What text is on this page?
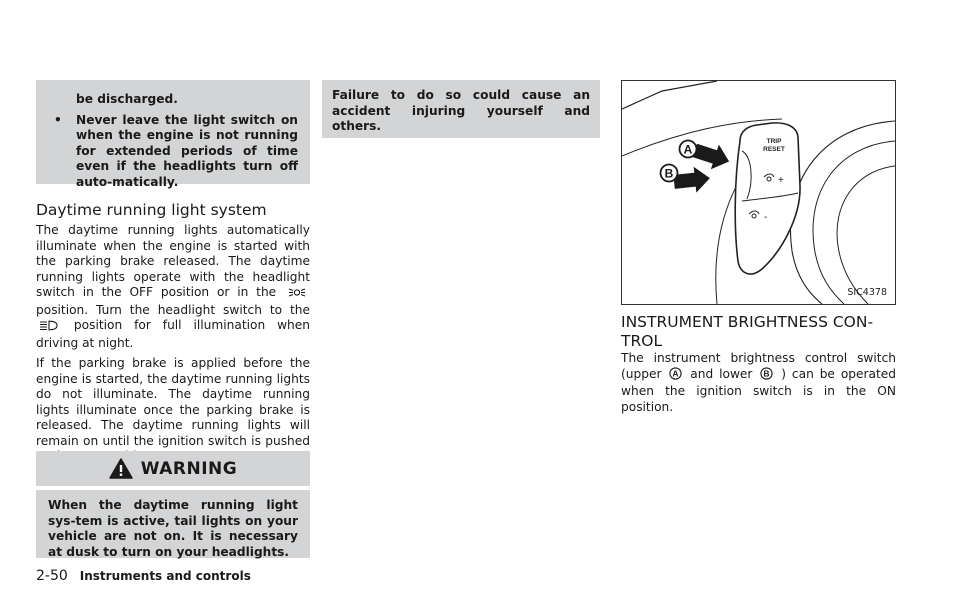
be discharged.
• Never leave the light switch on when the engine is not running for extended periods of time even if the headlights turn off auto-matically.
Daytime running light system

The daytime running lights automatically illuminate when the engine is started with the parking brake released. The daytime running lights operate with the headlight switch in the OFF position or in the  position. Turn the headlight switch to the  position for full illumination when driving at night.

If the parking brake is applied before the engine is started, the daytime running lights do not illuminate. The daytime running lights illuminate once the parking brake is released. The daytime running lights will remain on until the ignition switch is pushed

WARNING
When the daytime running light sys-tem is active, tail lights on your vehicle are not on. It is necessary at dusk to turn on your headlights.
Failure to do so could cause an accident injuring yourself and others.
TRIP
RESET
+
-
A
B
SIC4378
INSTRUMENT BRIGHTNESS CON-TROL

The instrument brightness control switch (upper A and lower B ) can be operated when the ignition switch is in the ON position.

2-50 Instruments and controls
